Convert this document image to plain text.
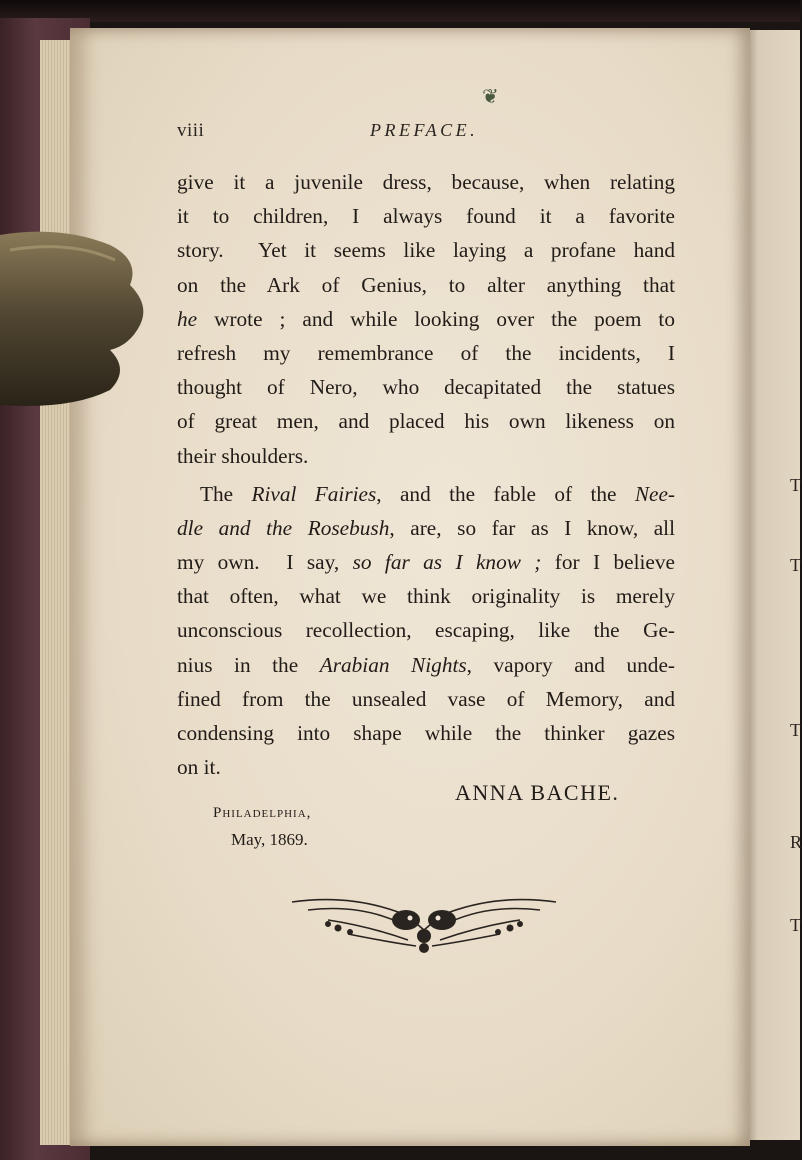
T
T
T
R
T
❦
viii	PREFACE.
give it a juvenile dress, because, when relating
it to children, I always found it a favorite
story.  Yet it seems like laying a profane hand
on the Ark of Genius, to alter anything that
he wrote ; and while looking over the poem to
refresh my remembrance of the incidents, I
thought of Nero, who decapitated the statues
of great men, and placed his own likeness on
their shoulders.
The Rival Fairies, and the fable of the Nee-
dle and the Rosebush, are, so far as I know, all
my own.  I say, so far as I know ; for I believe
that often, what we think originality is merely
unconscious recollection, escaping, like the Ge-
nius in the Arabian Nights, vapory and unde-
fined from the unsealed vase of Memory, and
condensing into shape while the thinker gazes
on it.
ANNA BACHE.
Philadelphia,
May, 1869.
